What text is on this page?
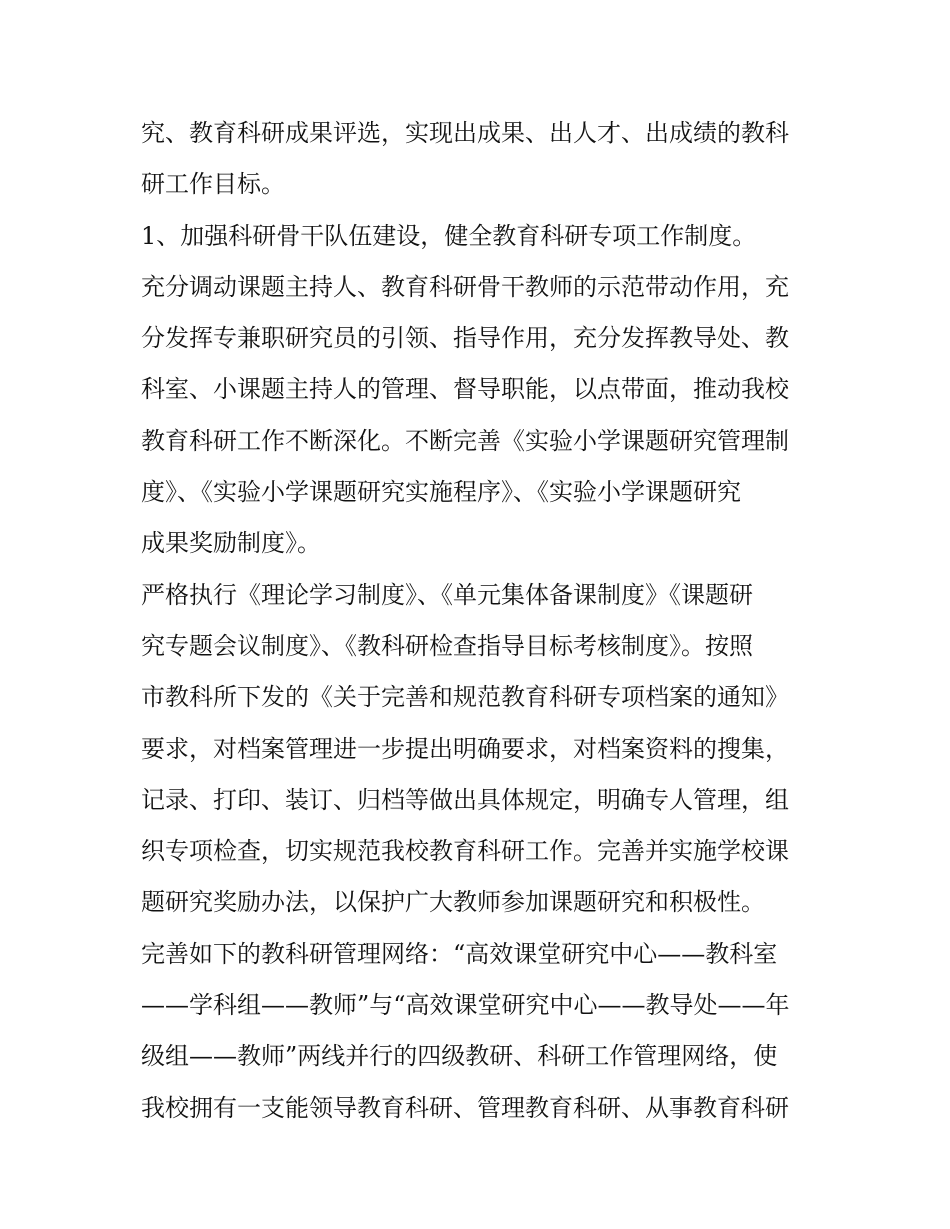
究、教育科研成果评选，实现出成果、出人才、出成绩的教科
研工作目标。
1、加强科研骨干队伍建设，健全教育科研专项工作制度。
充分调动课题主持人、教育科研骨干教师的示范带动作用，充
分发挥专兼职研究员的引领、指导作用，充分发挥教导处、教
科室、小课题主持人的管理、督导职能，以点带面，推动我校
教育科研工作不断深化。不断完善《实验小学课题研究管理制
度》、《实验小学课题研究实施程序》、《实验小学课题研究
成果奖励制度》。
严格执行《理论学习制度》、《单元集体备课制度》《课题研
究专题会议制度》、《教科研检查指导目标考核制度》。按照
市教科所下发的《关于完善和规范教育科研专项档案的通知》
要求，对档案管理进一步提出明确要求，对档案资料的搜集，
记录、打印、装订、归档等做出具体规定，明确专人管理，组
织专项检查，切实规范我校教育科研工作。完善并实施学校课
题研究奖励办法，以保护广大教师参加课题研究和积极性。
完善如下的教科研管理网络：“高效课堂研究中心——教科室
——学科组——教师”与“高效课堂研究中心——教导处——年
级组——教师”两线并行的四级教研、科研工作管理网络，使
我校拥有一支能领导教育科研、管理教育科研、从事教育科研
